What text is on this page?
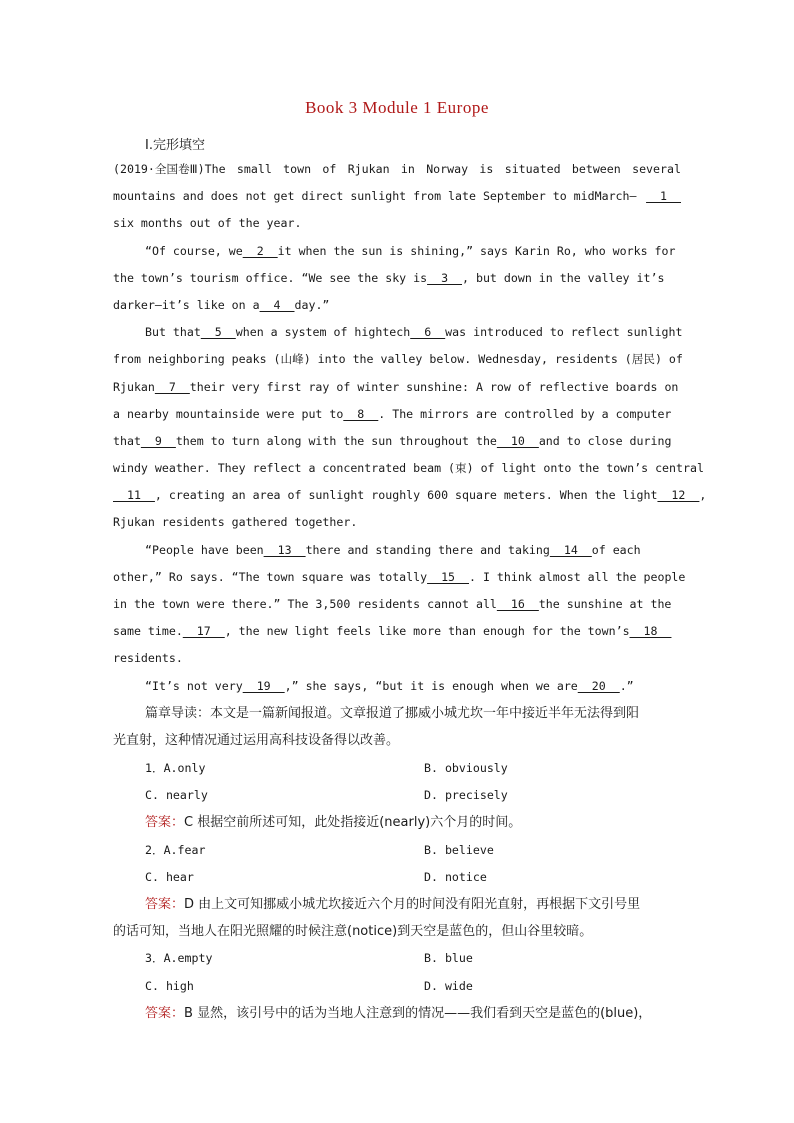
Book 3 Module 1 Europe
Ⅰ.完形填空
(2019·全国卷Ⅲ)The small town of Rjukan in Norway is situated between several
mountains and does not get direct sunlight from late September to midMarch— __1__
six months out of the year.
“Of course, we __2__ it when the sun is shining,” says Karin Ro, who works for
the town’s tourism office. “We see the sky is __3__ , but down in the valley it’s
darker—it’s like on a __4__ day.”
But that __5__ when a system of hightech __6__ was introduced to reflect sunlight
from neighboring peaks (山峰) into the valley below. Wednesday, residents (居民) of
Rjukan __7__ their very first ray of winter sunshine: A row of reflective boards on
a nearby mountainside were put to __8__ . The mirrors are controlled by a computer
that __9__ them to turn along with the sun throughout the __10__ and to close during
windy weather. They reflect a concentrated beam (束) of light onto the town’s central
__11__ , creating an area of sunlight roughly 600 square meters. When the light __12__ ,
Rjukan residents gathered together.
“People have been __13__ there and standing there and taking __14__ of each
other,” Ro says. “The town square was totally __15__ . I think almost all the people
in the town were there.” The 3,500 residents cannot all __16__ the sunshine at the
same time. __17__ , the new light feels like more than enough for the town’s __18__
residents.
“It’s not very __19__ ,” she says, “but it is enough when we are __20__ .”
篇章导读：本文是一篇新闻报道。文章报道了挪威小城尤坎一年中接近半年无法得到阳
光直射，这种情况通过运用高科技设备得以改善。
1．A.only	B. obviously
C. nearly	D. precisely
答案：C 根据空前所述可知，此处指接近(nearly)六个月的时间。
2．A.fear	B. believe
C. hear	D. notice
答案：D 由上文可知挪威小城尤坎接近六个月的时间没有阳光直射，再根据下文引号里
的话可知，当地人在阳光照耀的时候注意(notice)到天空是蓝色的，但山谷里较暗。
3．A.empty	B. blue
C. high	D. wide
答案：B 显然，该引号中的话为当地人注意到的情况——我们看到天空是蓝色的(blue)，
